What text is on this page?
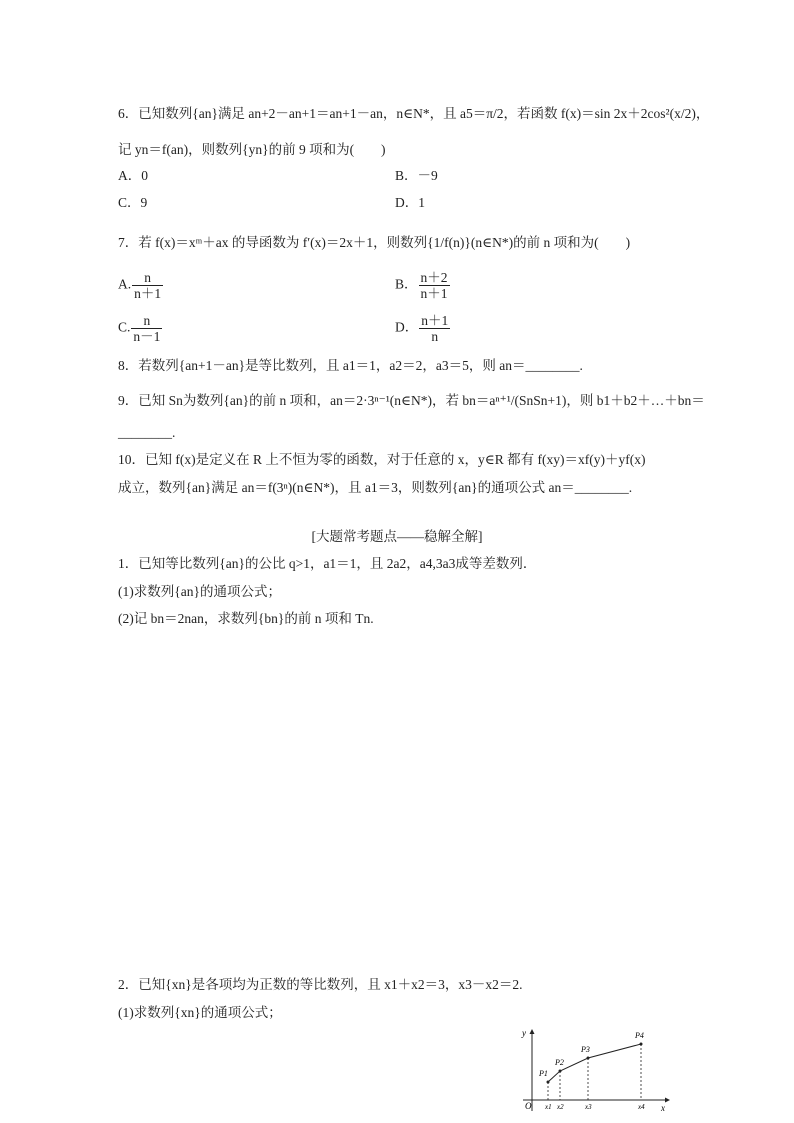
6．已知数列{an}满足 an+2－an+1＝an+1－an，n∈N*，且 a5＝π/2，若函数 f(x)＝sin 2x＋2cos²(x/2)，
记 yn＝f(an)，则数列{yn}的前 9 项和为(　　)
A．0	B．－9
C．9	D．1
7．若 f(x)＝xᵐ＋ax 的导函数为 f′(x)＝2x＋1，则数列{1/f(n)}(n∈N*)的前 n 项和为(　　)
A. $\frac{n}{n+1}$	B． $\frac{n+2}{n+1}$
C. $\frac{n}{n-1}$	D． $\frac{n+1}{n}$
8．若数列{an+1－an}是等比数列，且 a1＝1，a2＝2，a3＝5，则 an＝________.
9．已知 Sn为数列{an}的前 n 项和，an＝2·3ⁿ⁻¹(n∈N*)，若 bn＝aⁿ⁺¹/(SnSn+1)，则 b1＋b2＋…＋bn＝
________.
10．已知 f(x)是定义在 R 上不恒为零的函数，对于任意的 x，y∈R 都有 f(xy)＝xf(y)＋yf(x)
成立，数列{an}满足 an＝f(3ⁿ)(n∈N*)，且 a1＝3，则数列{an}的通项公式 an＝________.
[大题常考题点——稳解全解]
1．已知等比数列{an}的公比 q>1，a1＝1，且 2a2，a4,3a3成等差数列．
(1)求数列{an}的通项公式；
(2)记 bn＝2nan，求数列{bn}的前 n 项和 Tn.
2．已知{xn}是各项均为正数的等比数列，且 x1＋x2＝3，x3－x2＝2.
(1)求数列{xn}的通项公式；
y
x
O
P1
P2
P3
P4
x1 x2	x3	x4
